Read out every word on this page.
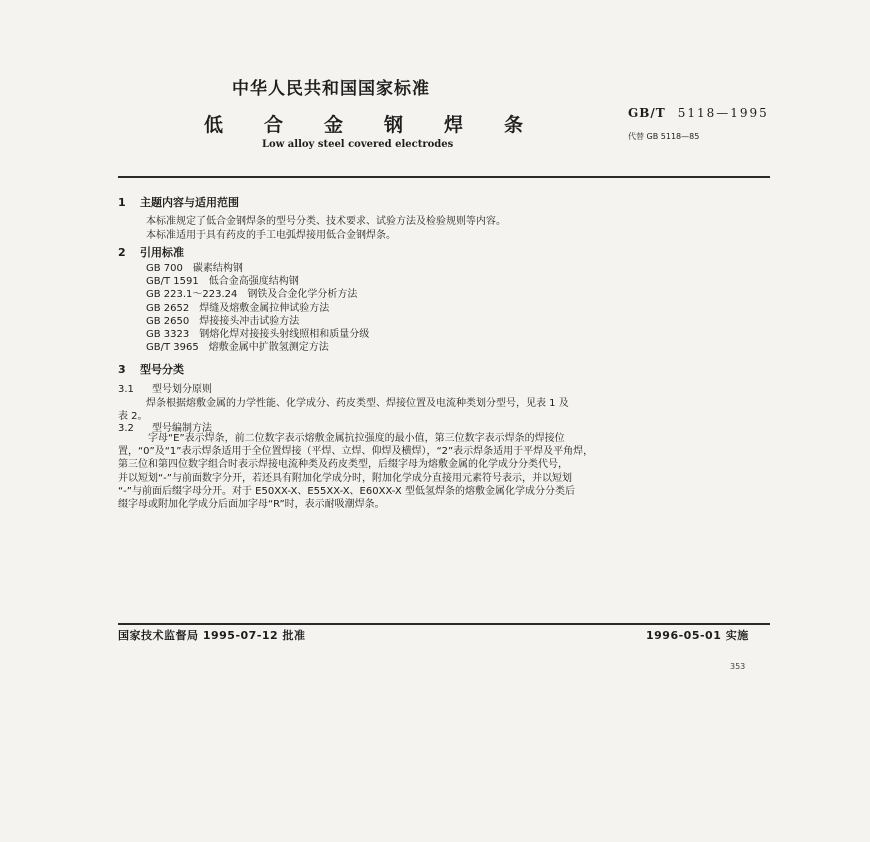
中华人民共和国国家标准
低合金钢焊条
Low alloy steel covered electrodes
GB/T 5118—1995
代替 GB 5118—85
1 主题内容与适用范围
本标准规定了低合金钢焊条的型号分类、技术要求、试验方法及检验规则等内容。
本标准适用于具有药皮的手工电弧焊接用低合金钢焊条。
2 引用标准
GB 700 碳素结构钢
GB/T 1591 低合金高强度结构钢
GB 223.1～223.24 钢铁及合金化学分析方法
GB 2652 焊缝及熔敷金属拉伸试验方法
GB 2650 焊接接头冲击试验方法
GB 3323 钢熔化焊对接接头射线照相和质量分级
GB/T 3965 熔敷金属中扩散氢测定方法
3 型号分类
3.1 型号划分原则
焊条根据熔敷金属的力学性能、化学成分、药皮类型、焊接位置及电流种类划分型号，见表 1 及
表 2。
3.2 型号编制方法

字母“E”表示焊条，前二位数字表示熔敷金属抗拉强度的最小值，第三位数字表示焊条的焊接位

置，“0”及“1”表示焊条适用于全位置焊接（平焊、立焊、仰焊及横焊），“2”表示焊条适用于平焊及平角焊，

第三位和第四位数字组合时表示焊接电流种类及药皮类型，后缀字母为熔敷金属的化学成分分类代号，

并以短划“-”与前面数字分开，若还具有附加化学成分时，附加化学成分直接用元素符号表示，并以短划

“-”与前面后缀字母分开。对于 E50XX-X、E55XX-X、E60XX-X 型低氢焊条的熔敷金属化学成分分类后

缀字母或附加化学成分后面加字母“R”时，表示耐吸潮焊条。

国家技术监督局 1995-07-12 批准	1996-05-01 实施
353
